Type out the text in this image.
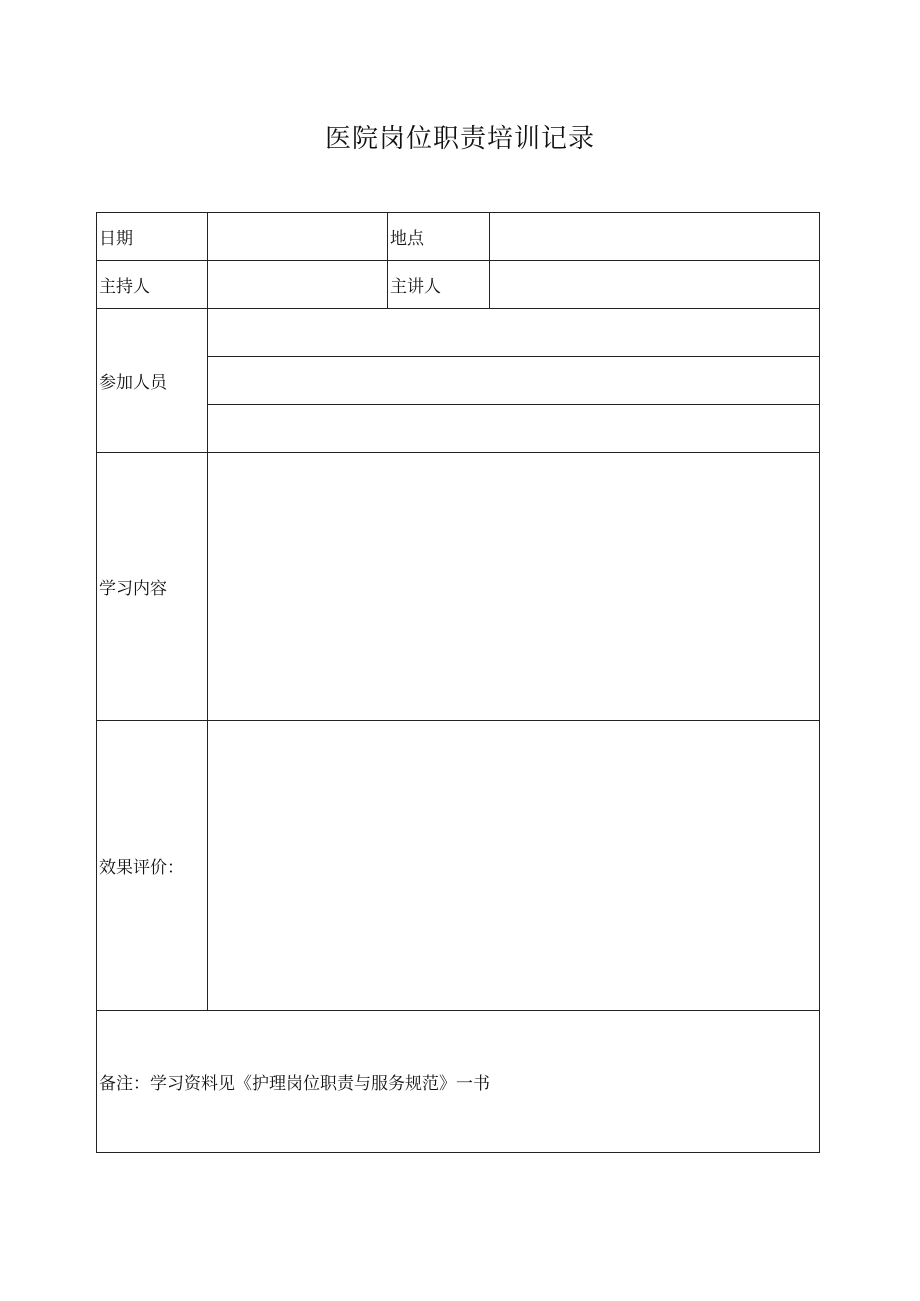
医院岗位职责培训记录
日期		地点	
主持人		主讲人	
参加人员			

学习内容			
效果评价：			
备注：学习资料见《护理岗位职责与服务规范》一书			
